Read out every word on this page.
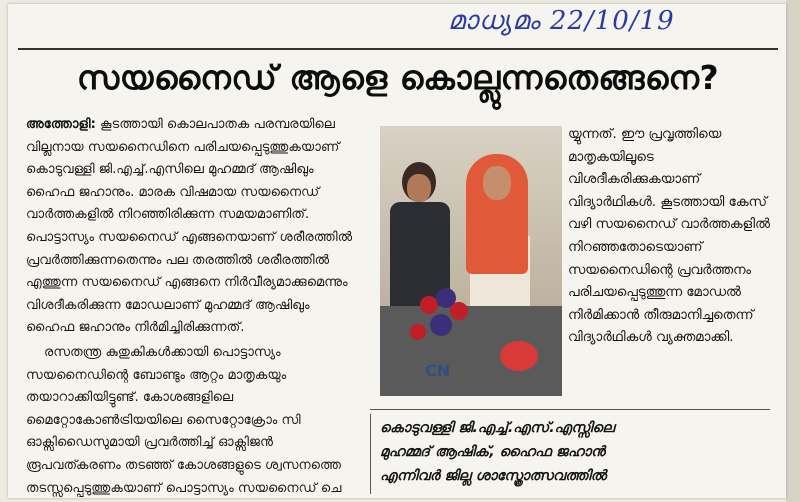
മാധ്യമം 22/10/19
സയനൈഡ് ആളെ കൊല്ലുന്നതെങ്ങനെ?

അത്തോളി: കൂടത്തായി കൊലപാതക പരമ്പരയിലെ വില്ലനായ സയനൈഡിനെ പരിചയപ്പെടുത്തുകയാണ് കൊടുവള്ളി ജി.എച്ച്.എസിലെ മുഹമ്മദ് ആഷിഖും ഹൈഫ ജഹാനും. മാരക വിഷമായ സയനൈഡ് വാർത്തകളിൽ നിറഞ്ഞിരിക്കുന്ന സമയമാണിത്. പൊട്ടാസ്യം സയനൈഡ് എങ്ങനെയാണ് ശരീരത്തിൽ പ്രവർത്തിക്കുന്നതെന്നും പല തരത്തിൽ ശരീരത്തിൽ എത്തുന്ന സയനൈഡ് എങ്ങനെ നിർവീര്യമാക്കുമെന്നും വിശദീകരിക്കുന്ന മോഡലാണ് മുഹമ്മദ് ആഷിഖും ഹൈഫ ജഹാനും നിർമിച്ചിരിക്കുന്നത്.

രസതന്ത്ര കുതുകികൾക്കായി പൊട്ടാസ്യം സയനൈഡിന്റെ ബോണ്ടും ആറ്റം മാതൃകയും തയാറാക്കിയിട്ടുണ്ട്. കോശങ്ങളിലെ മൈറ്റോകോൺട്രിയയിലെ സൈറ്റോക്രോം സി ഓക്സിഡൈസുമായി പ്രവർത്തിച്ച് ഓക്സിജൻ രൂപവത്കരണം തടഞ്ഞ് കോശങ്ങളുടെ ശ്വസനത്തെ തടസ്സപ്പെടുത്തുകയാണ് പൊട്ടാസ്യം സയനൈഡ് ചെ

CN

യ്യുന്നത്. ഈ പ്രവൃത്തിയെ മാതൃകയിലൂടെ വിശദീകരിക്കുകയാണ് വിദ്യാർഥികൾ. കൂടത്തായി കേസ് വഴി സയനൈഡ് വാർത്തകളിൽ നിറഞ്ഞതോടെയാണ് സയനൈഡിന്റെ പ്രവർത്തനം പരിചയപ്പെടുത്തുന്ന മോഡൽ നിർമിക്കാൻ തീരുമാനിച്ചതെന്ന് വിദ്യാർഥികൾ വ്യക്തമാക്കി.

കൊടുവള്ളി ജി.എച്ച്.എസ്.എസ്സിലെ

മുഹമ്മദ് ആഷിക്, ഹൈഫ ജഹാൻ

എന്നിവർ ജില്ല ശാസ്ത്രോത്സവത്തിൽ
